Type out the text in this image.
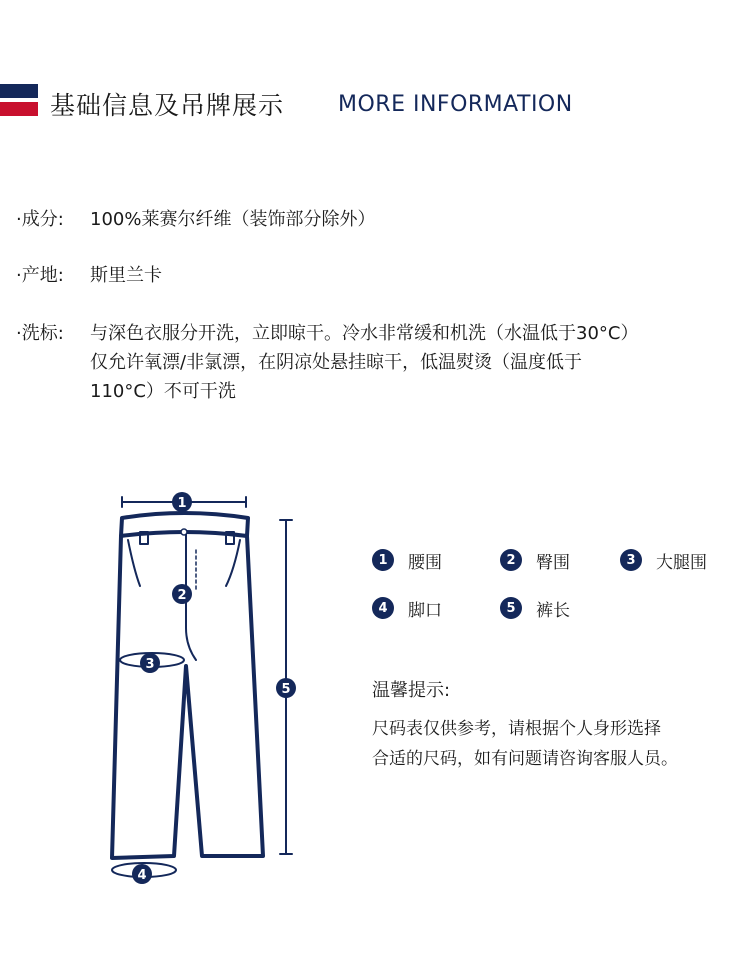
基础信息及吊牌展示 MORE INFORMATION
·成分: 100%莱赛尔纤维（装饰部分除外）
·产地: 斯里兰卡
·洗标: 与深色衣服分开洗，立即晾干。冷水非常缓和机洗（水温低于30°C）
仅允许氧漂/非氯漂，在阴凉处悬挂晾干，低温熨烫（温度低于
110°C）不可干洗
1
2
3
4
5
1	腰围	2	臀围	3	大腿围
4	脚口	5	裤长
温馨提示:
尺码表仅供参考，请根据个人身形选择
合适的尺码，如有问题请咨询客服人员。
